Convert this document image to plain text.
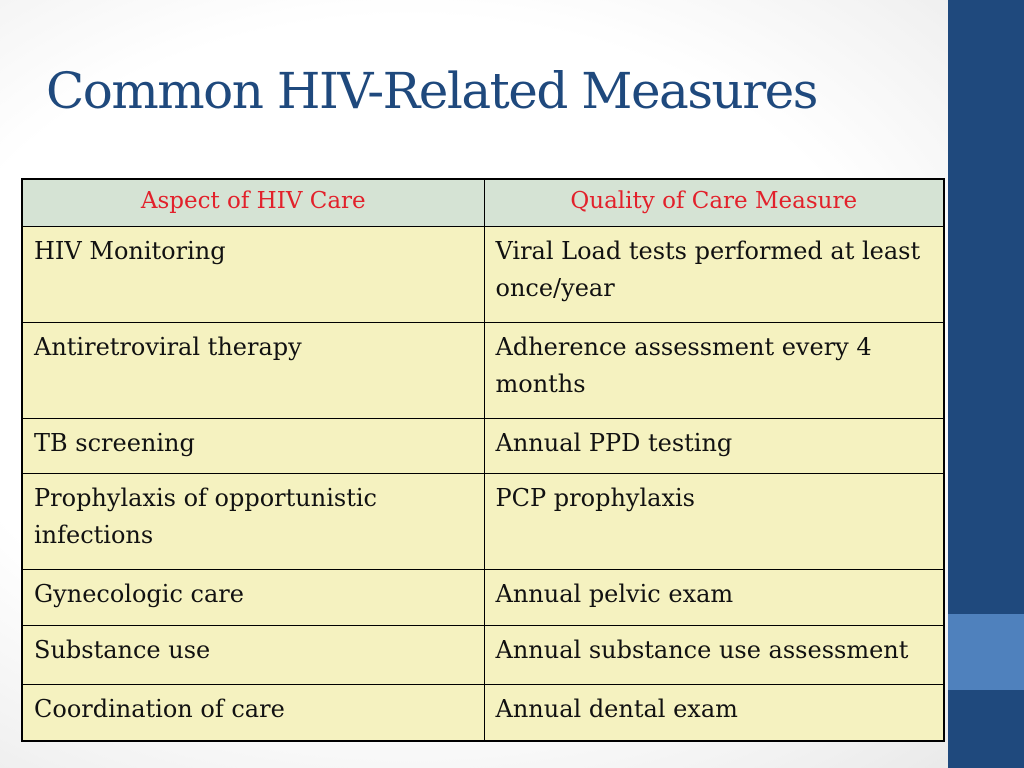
Common HIV-Related Measures
Aspect of HIV Care	Quality of Care Measure
HIV Monitoring	Viral Load tests performed at least once/year
Antiretroviral therapy	Adherence assessment every 4 months
TB screening	Annual PPD testing
Prophylaxis of opportunistic infections	PCP prophylaxis
Gynecologic care	Annual pelvic exam
Substance use	Annual substance use assessment
Coordination of care	Annual dental exam
